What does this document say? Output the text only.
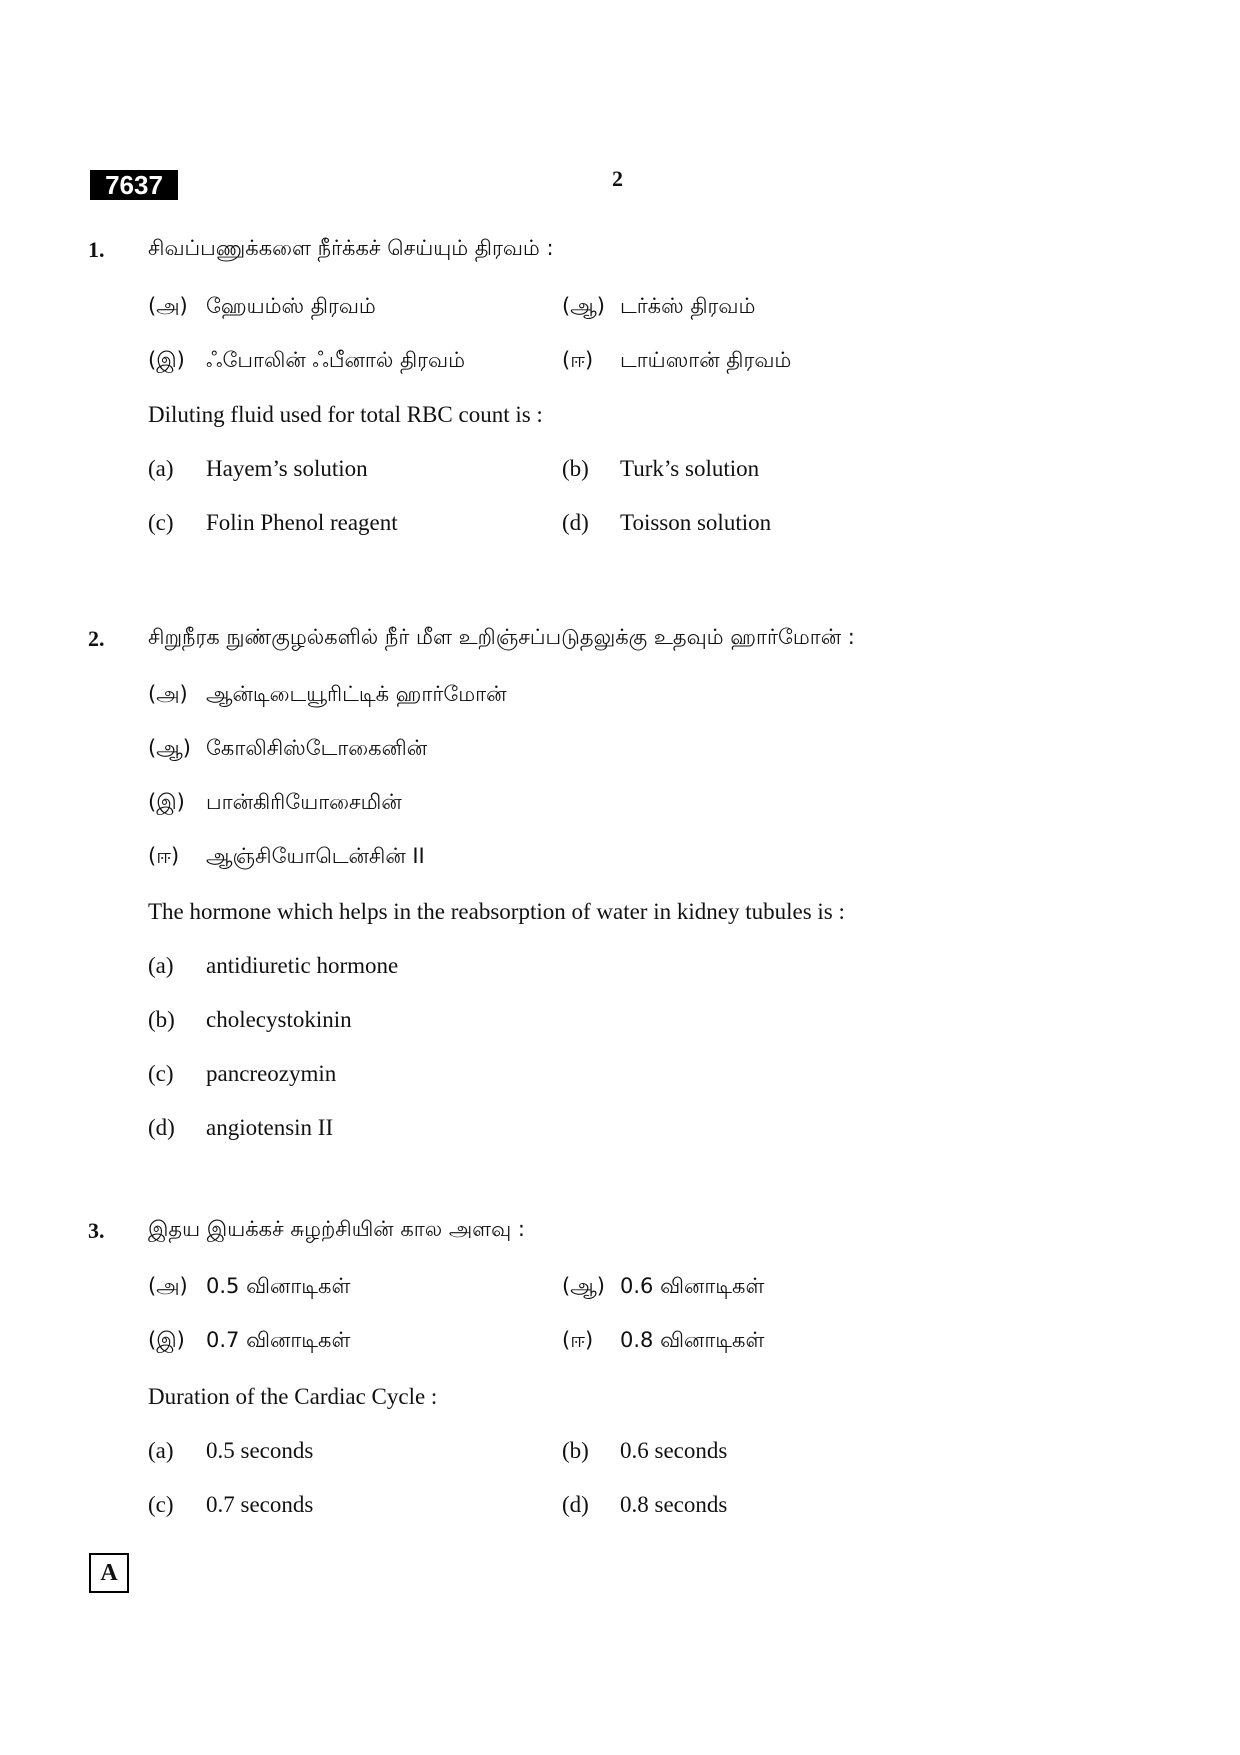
7637	2
1. சிவப்பணுக்களை நீர்க்கச் செய்யும் திரவம் :
(அ) ஹேயம்ஸ் திரவம்	(ஆ) டர்க்ஸ் திரவம்
(இ) ஃபோலின் ஃபீனால் திரவம்	(ஈ) டாய்ஸான் திரவம்
Diluting fluid used for total RBC count is :
(a) Hayem’s solution	(b) Turk’s solution
(c) Folin Phenol reagent	(d) Toisson solution
2. சிறுநீரக நுண்குழல்களில் நீர் மீள உறிஞ்சப்படுதலுக்கு உதவும் ஹார்மோன் :
(அ) ஆன்டிடையூரிட்டிக் ஹார்மோன்
(ஆ) கோலிசிஸ்டோகைனின்
(இ) பான்கிரியோசைமின்
(ஈ) ஆஞ்சியோடென்சின் II
The hormone which helps in the reabsorption of water in kidney tubules is :
(a) antidiuretic hormone
(b) cholecystokinin
(c) pancreozymin
(d) angiotensin II
3. இதய இயக்கச் சுழற்சியின் கால அளவு :
(அ) 0.5 வினாடிகள்	(ஆ) 0.6 வினாடிகள்
(இ) 0.7 வினாடிகள்	(ஈ) 0.8 வினாடிகள்
Duration of the Cardiac Cycle :
(a) 0.5 seconds	(b) 0.6 seconds
(c) 0.7 seconds	(d) 0.8 seconds
A
